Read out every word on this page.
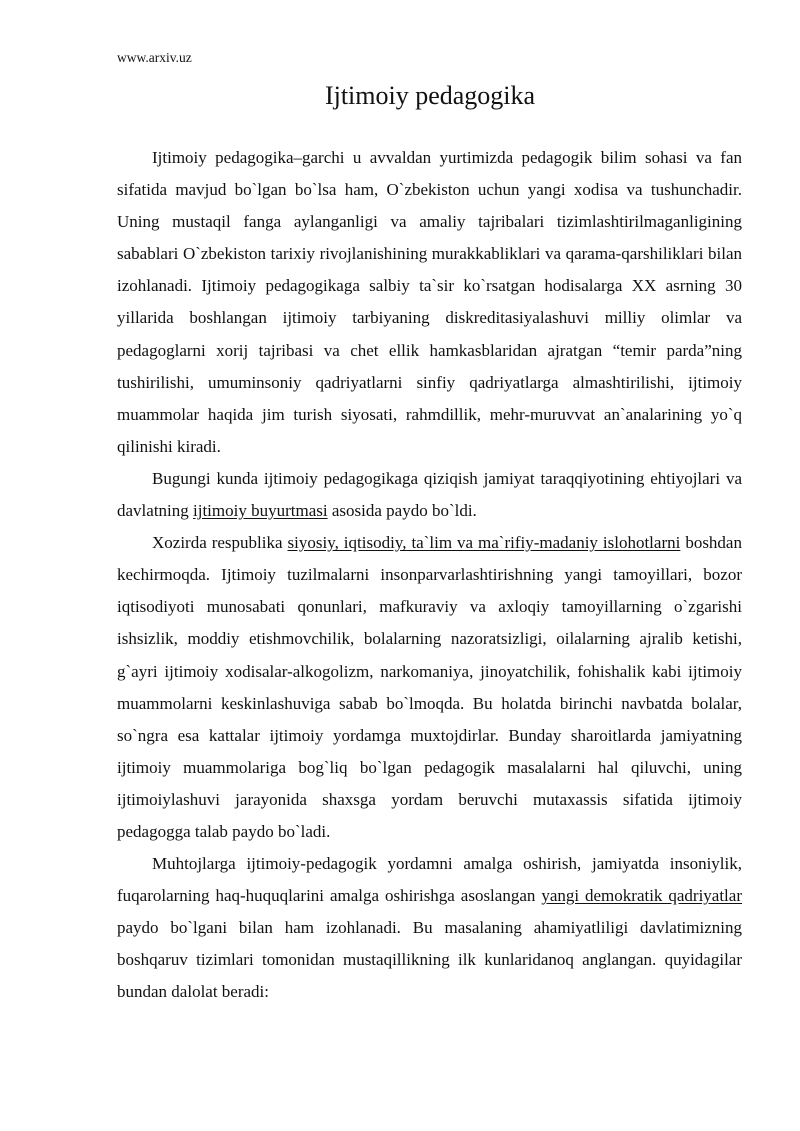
www.arxiv.uz
Ijtimoiy pedagogika

Ijtimoiy pedagogika–garchi u avvaldan yurtimizda pedagogik bilim sohasi va fan sifatida mavjud bo`lgan bo`lsa ham, O`zbekiston uchun yangi xodisa va tushunchadir. Uning mustaqil fanga aylanganligi va amaliy tajribalari tizimlashtirilmaganligining sabablari O`zbekiston tarixiy rivojlanishining murakkabliklari va qarama-qarshiliklari bilan izohlanadi. Ijtimoiy pedagogikaga salbiy ta`sir ko`rsatgan hodisalarga XX asrning 30 yillarida boshlangan ijtimoiy tarbiyaning diskreditasiyalashuvi milliy olimlar va pedagoglarni xorij tajribasi va chet ellik hamkasblaridan ajratgan “temir parda”ning tushirilishi, umuminsoniy qadriyatlarni sinfiy qadriyatlarga almashtirilishi, ijtimoiy muammolar haqida jim turish siyosati, rahmdillik, mehr-muruvvat an`analarining yo`q qilinishi kiradi.

Bugungi kunda ijtimoiy pedagogikaga qiziqish jamiyat taraqqiyotining ehtiyojlari va davlatning ijtimoiy buyurtmasi asosida paydo bo`ldi.

Xozirda respublika siyosiy, iqtisodiy, ta`lim va ma`rifiy-madaniy islohotlarni boshdan kechirmoqda. Ijtimoiy tuzilmalarni insonparvarlashtirishning yangi tamoyillari, bozor iqtisodiyoti munosabati qonunlari, mafkuraviy va axloqiy tamoyillarning o`zgarishi ishsizlik, moddiy etishmovchilik, bolalarning nazoratsizligi, oilalarning ajralib ketishi, g`ayri ijtimoiy xodisalar-alkogolizm, narkomaniya, jinoyatchilik, fohishalik kabi ijtimoiy muammolarni keskinlashuviga sabab bo`lmoqda. Bu holatda birinchi navbatda bolalar, so`ngra esa kattalar ijtimoiy yordamga muxtojdirlar. Bunday sharoitlarda jamiyatning ijtimoiy muammolariga bog`liq bo`lgan pedagogik masalalarni hal qiluvchi, uning ijtimoiylashuvi jarayonida shaxsga yordam beruvchi mutaxassis sifatida ijtimoiy pedagogga talab paydo bo`ladi.

Muhtojlarga ijtimoiy-pedagogik yordamni amalga oshirish, jamiyatda insoniylik, fuqarolarning haq-huquqlarini amalga oshirishga asoslangan yangi demokratik qadriyatlar paydo bo`lgani bilan ham izohlanadi. Bu masalaning ahamiyatliligi davlatimizning boshqaruv tizimlari tomonidan mustaqillikning ilk kunlaridanoq anglangan. quyidagilar bundan dalolat beradi:
